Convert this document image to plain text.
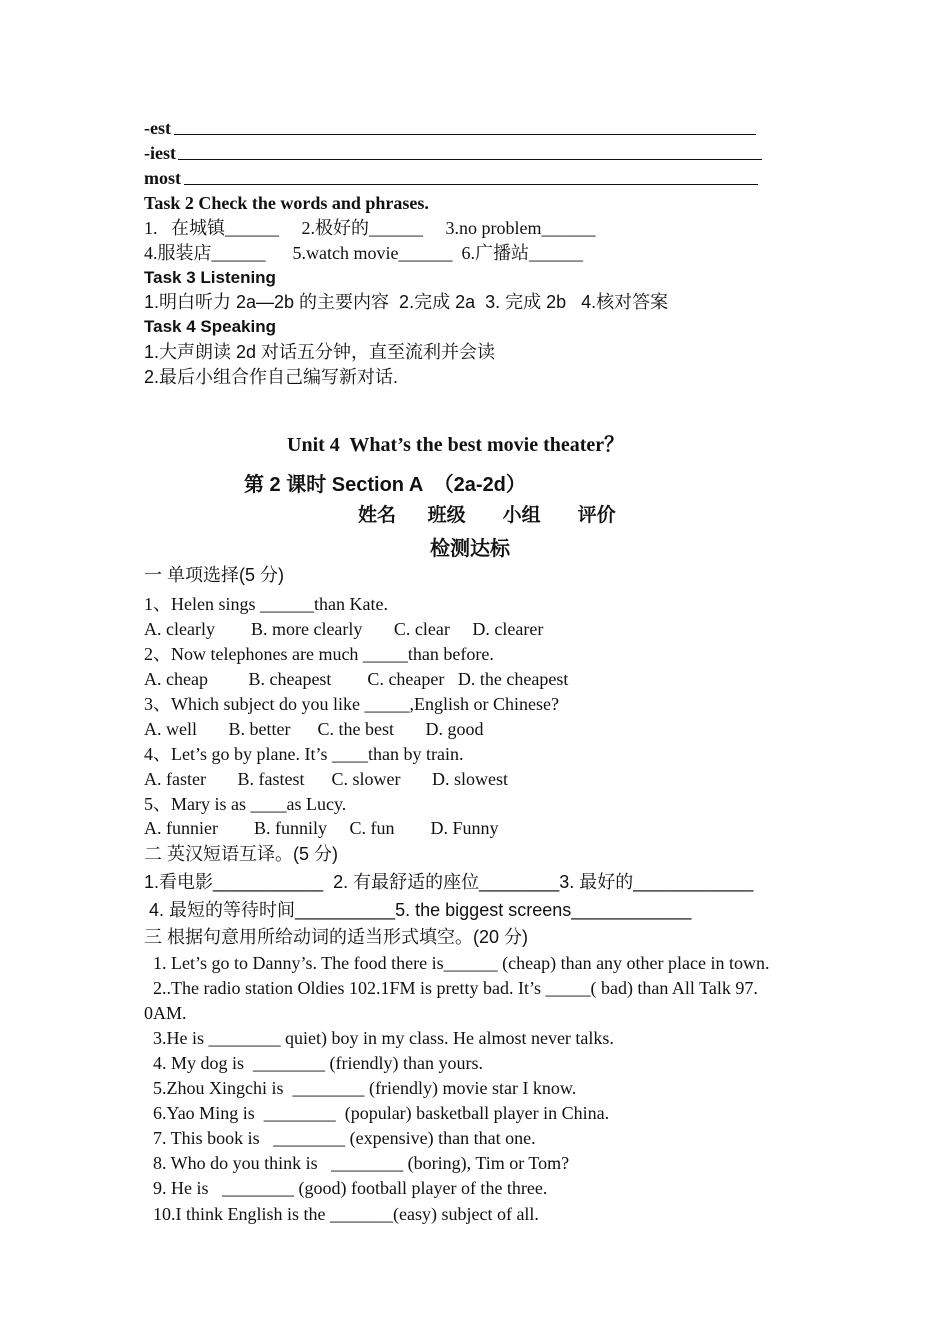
-est
-iest
most
Task 2 Check the words and phrases.
1.   在城镇______     2.极好的______     3.no problem______
4.服装店______      5.watch movie______  6.广播站______
Task 3 Listening
1.明白听力 2a—2b 的主要内容  2.完成 2a  3. 完成 2b   4.核对答案
Task 4 Speaking
1.大声朗读 2d 对话五分钟，直至流利并会读
2.最后小组合作自己编写新对话.
Unit 4  What’s the best movie theater？
第 2 课时 Section A  （2a-2d）
姓名      班级       小组       评价
检测达标
一 单项选择(5 分)
1、Helen sings ______than Kate.
A. clearly        B. more clearly       C. clear     D. clearer
2、Now telephones are much _____than before.
A. cheap         B. cheapest        C. cheaper   D. the cheapest
3、Which subject do you like _____,English or Chinese?
A. well       B. better      C. the best       D. good
4、Let’s go by plane. It’s ____than by train.
A. faster       B. fastest      C. slower       D. slowest
5、Mary is as ____as Lucy.
A. funnier        B. funnily     C. fun        D. Funny
二 英汉短语互译。(5 分)
1.看电影___________  2. 有最舒适的座位________3. 最好的____________
4. 最短的等待时间__________5. the biggest screens____________
三 根据句意用所给动词的适当形式填空。(20 分)
1. Let’s go to Danny’s. The food there is______ (cheap) than any other place in town.
2..The radio station Oldies 102.1FM is pretty bad. It’s _____( bad) than All Talk 97.
0AM.
3.He is ________ quiet) boy in my class. He almost never talks.
4. My dog is  ________ (friendly) than yours.
5.Zhou Xingchi is  ________ (friendly) movie star I know.
6.Yao Ming is  ________  (popular) basketball player in China.
7. This book is   ________ (expensive) than that one.
8. Who do you think is   ________ (boring), Tim or Tom?
9. He is   ________ (good) football player of the three.
10.I think English is the _______(easy) subject of all.
